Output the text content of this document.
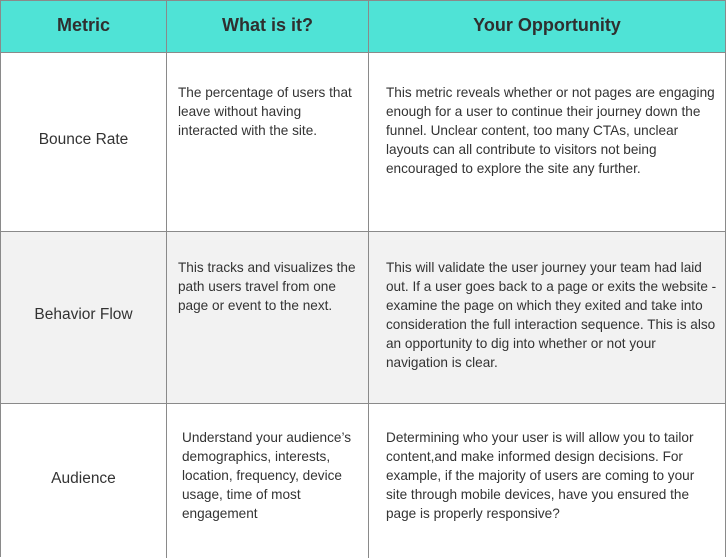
Metric	What is it?	Your Opportunity
Bounce Rate
The percentage of users that leave without having interacted with the site.
This metric reveals whether or not pages are engaging enough for a user to continue their journey down the funnel. Unclear content, too many CTAs, unclear layouts can all contribute to visitors not being encouraged to explore the site any further.
Behavior Flow
This tracks and visualizes the path users travel from one page or event to the next.
This will validate the user journey your team had laid out. If a user goes back to a page or exits the website - examine the page on which they exited and take into consideration the full interaction sequence. This is also an opportunity to dig into whether or not your navigation is clear.
Audience
Understand your audience’s demographics, interests, location, frequency, device usage, time of most engagement
Determining who your user is will allow you to tailor content,and make informed design decisions. For example, if the majority of users are coming to your site through mobile devices, have you ensured the page is properly responsive?
